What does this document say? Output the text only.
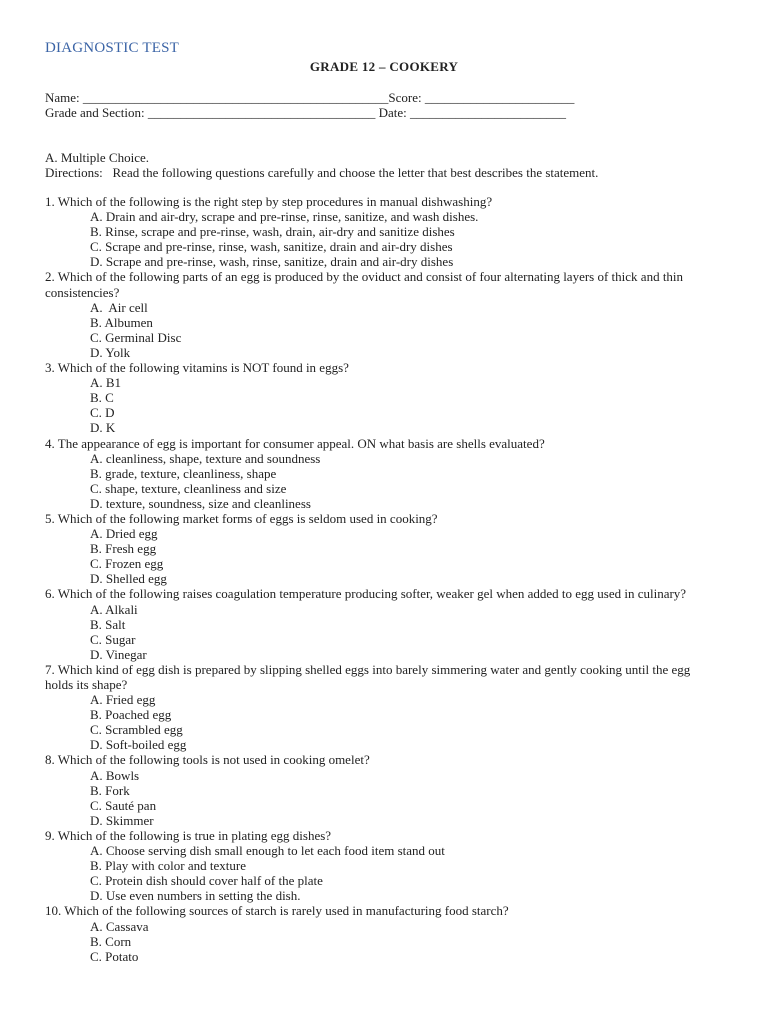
DIAGNOSTIC TEST
GRADE 12 – COOKERY
Name: _______________________________________________Score: _______________________
Grade and Section: ___________________________________ Date: ________________________
A. Multiple Choice.
Directions:   Read the following questions carefully and choose the letter that best describes the statement.
1. Which of the following is the right step by step procedures in manual dishwashing?
A. Drain and air-dry, scrape and pre-rinse, rinse, sanitize, and wash dishes.
B. Rinse, scrape and pre-rinse, wash, drain, air-dry and sanitize dishes
C. Scrape and pre-rinse, rinse, wash, sanitize, drain and air-dry dishes
D. Scrape and pre-rinse, wash, rinse, sanitize, drain and air-dry dishes
2. Which of the following parts of an egg is produced by the oviduct and consist of four alternating layers of thick and thin consistencies?
A.  Air cell
B. Albumen
C. Germinal Disc
D. Yolk
3. Which of the following vitamins is NOT found in eggs?
A. B1
B. C
C. D
D. K
4. The appearance of egg is important for consumer appeal. ON what basis are shells evaluated?
A. cleanliness, shape, texture and soundness
B. grade, texture, cleanliness, shape
C. shape, texture, cleanliness and size
D. texture, soundness, size and cleanliness
5. Which of the following market forms of eggs is seldom used in cooking?
A. Dried egg
B. Fresh egg
C. Frozen egg
D. Shelled egg
6. Which of the following raises coagulation temperature producing softer, weaker gel when added to egg used in culinary?
A. Alkali
B. Salt
C. Sugar
D. Vinegar
7. Which kind of egg dish is prepared by slipping shelled eggs into barely simmering water and gently cooking until the egg holds its shape?
A. Fried egg
B. Poached egg
C. Scrambled egg
D. Soft-boiled egg
8. Which of the following tools is not used in cooking omelet?
A. Bowls
B. Fork
C. Sauté pan
D. Skimmer
9. Which of the following is true in plating egg dishes?
A. Choose serving dish small enough to let each food item stand out
B. Play with color and texture
C. Protein dish should cover half of the plate
D. Use even numbers in setting the dish.
10. Which of the following sources of starch is rarely used in manufacturing food starch?
A. Cassava
B. Corn
C. Potato
